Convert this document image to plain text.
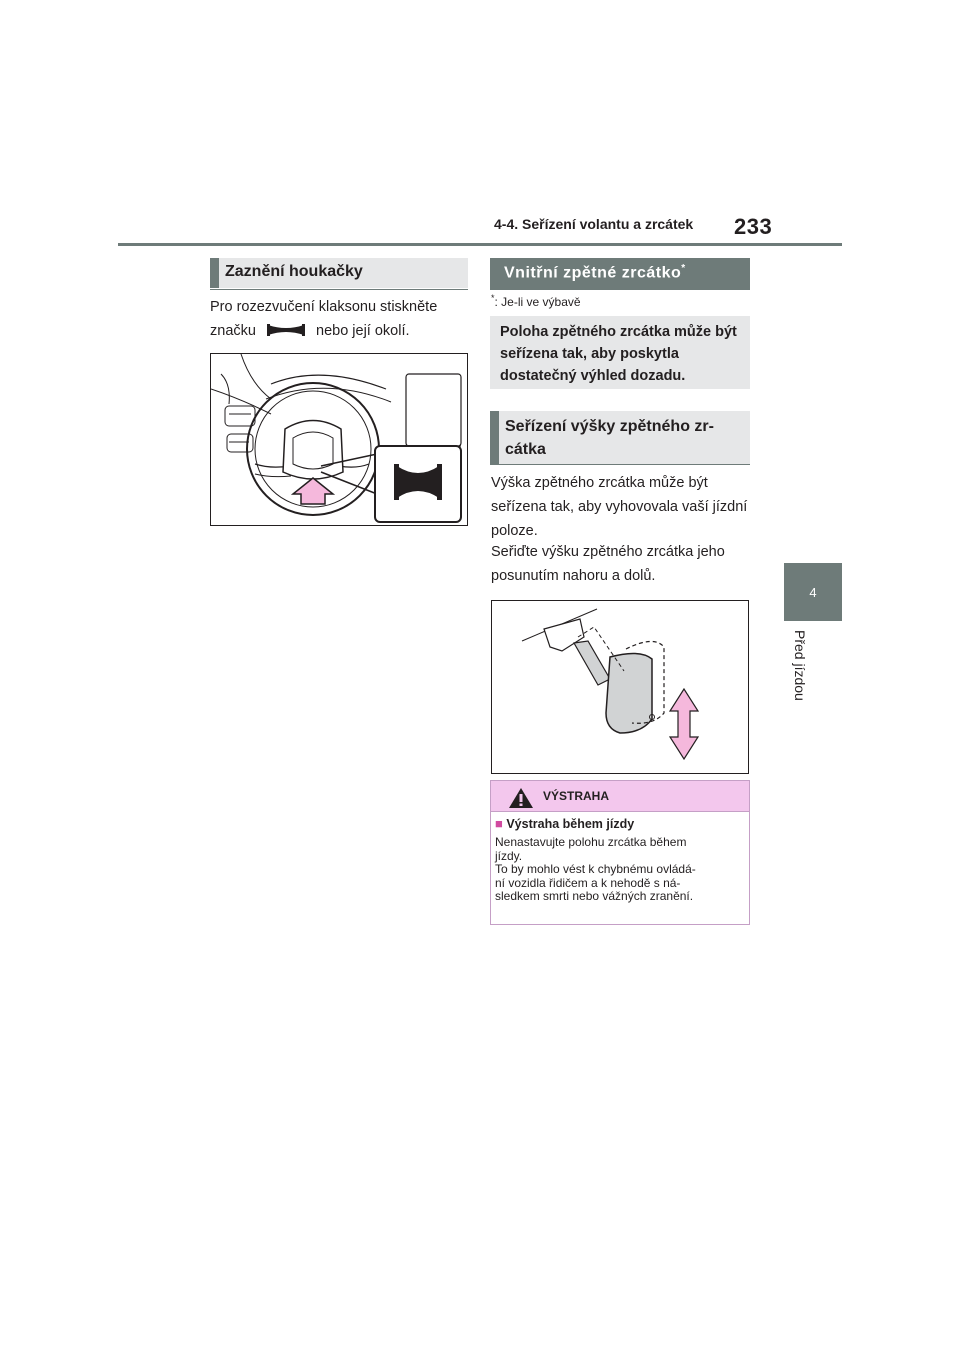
4-4. Seřízení volantu a zrcátek 233
4
Před jízdou
Zaznění houkačky
Pro rozezvučení klaksonu stiskněte značku	nebo její okolí.
Vnitřní zpětné zrcátko*
*: Je-li ve výbavě
Poloha zpětného zrcátka může být seřízena tak, aby poskytla dostatečný výhled dozadu.
Seřízení výšky zpětného zr-
cátka
Výška zpětného zrcátka může být seřízena tak, aby vyhovovala vaší jízdní poloze.
Seřiďte výšku zpětného zrcátka jeho posunutím nahoru a dolů.
VÝSTRAHA
■ Výstraha během jízdy
Nenastavujte polohu zrcátka během
jízdy.
To by mohlo vést k chybnému ovládá-
ní vozidla řidičem a k nehodě s ná-
sledkem smrti nebo vážných zranění.
